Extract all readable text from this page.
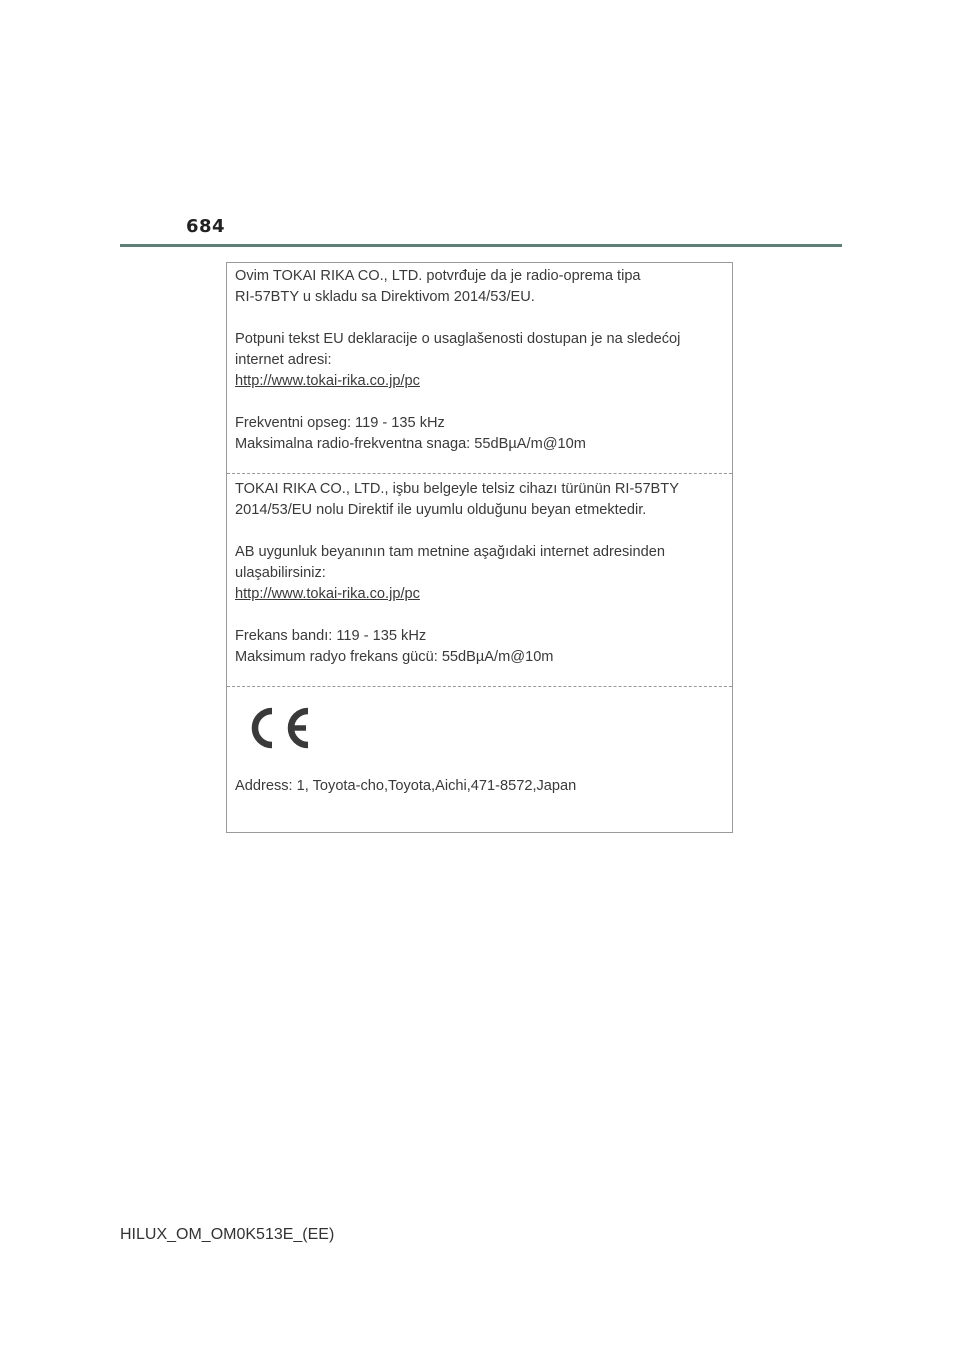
684
Ovim TOKAI RIKA CO., LTD. potvrđuje da je radio-oprema tipa
RI-57BTY u skladu sa Direktivom 2014/53/EU.
Potpuni tekst EU deklaracije o usaglašenosti dostupan je na sledećoj
internet adresi:
http://www.tokai-rika.co.jp/pc
Frekventni opseg: 119 - 135 kHz
Maksimalna radio-frekventna snaga: 55dBµA/m@10m
TOKAI RIKA CO., LTD., işbu belgeyle telsiz cihazı türünün RI-57BTY
2014/53/EU nolu Direktif ile uyumlu olduğunu beyan etmektedir.
AB uygunluk beyanının tam metnine aşağıdaki internet adresinden
ulaşabilirsiniz:
http://www.tokai-rika.co.jp/pc
Frekans bandı: 119 - 135 kHz
Maksimum radyo frekans gücü: 55dBµA/m@10m
Address: 1, Toyota-cho,Toyota,Aichi,471-8572,Japan
HILUX_OM_OM0K513E_(EE)
